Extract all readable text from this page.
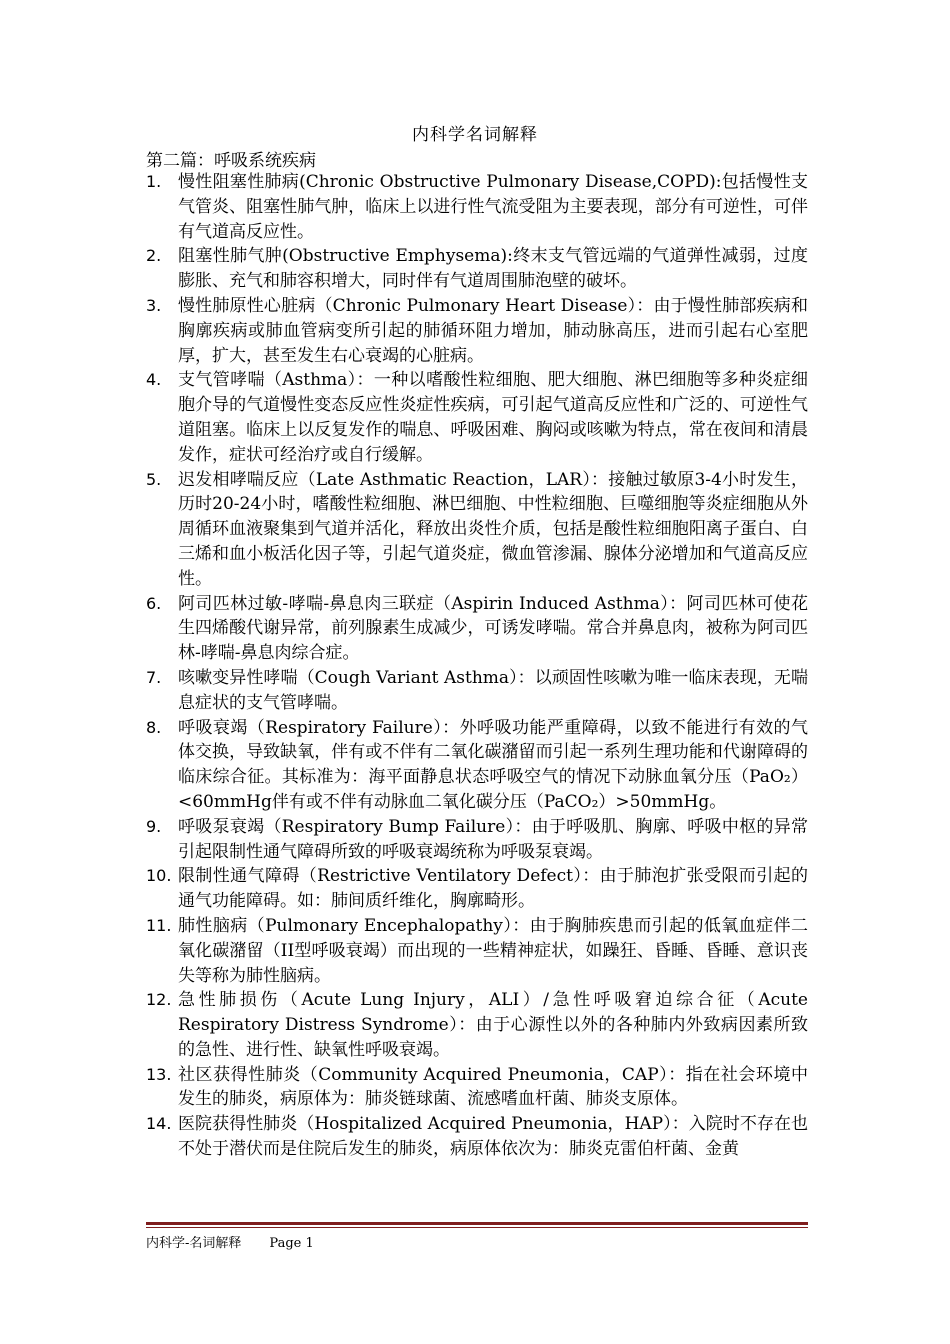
内科学名词解释
第二篇：呼吸系统疾病
1. 慢性阻塞性肺病(Chronic Obstructive Pulmonary Disease,COPD):包括慢性支气管炎、阻塞性肺气肿，临床上以进行性气流受阻为主要表现，部分有可逆性，可伴有气道高反应性。
2. 阻塞性肺气肿(Obstructive Emphysema):终末支气管远端的气道弹性减弱，过度膨胀、充气和肺容积增大，同时伴有气道周围肺泡壁的破坏。
3. 慢性肺原性心脏病（Chronic Pulmonary Heart Disease）：由于慢性肺部疾病和胸廓疾病或肺血管病变所引起的肺循环阻力增加，肺动脉高压，进而引起右心室肥厚，扩大，甚至发生右心衰竭的心脏病。
4. 支气管哮喘（Asthma）：一种以嗜酸性粒细胞、肥大细胞、淋巴细胞等多种炎症细胞介导的气道慢性变态反应性炎症性疾病，可引起气道高反应性和广泛的、可逆性气道阻塞。临床上以反复发作的喘息、呼吸困难、胸闷或咳嗽为特点，常在夜间和清晨发作，症状可经治疗或自行缓解。
5. 迟发相哮喘反应（Late Asthmatic Reaction，LAR）：接触过敏原3-4小时发生，历时20-24小时，嗜酸性粒细胞、淋巴细胞、中性粒细胞、巨噬细胞等炎症细胞从外周循环血液聚集到气道并活化，释放出炎性介质，包括是酸性粒细胞阳离子蛋白、白三烯和血小板活化因子等，引起气道炎症，微血管渗漏、腺体分泌增加和气道高反应性。
6. 阿司匹林过敏-哮喘-鼻息肉三联症（Aspirin Induced Asthma）：阿司匹林可使花生四烯酸代谢异常，前列腺素生成减少，可诱发哮喘。常合并鼻息肉，被称为阿司匹林-哮喘-鼻息肉综合症。
7. 咳嗽变异性哮喘（Cough Variant Asthma）：以顽固性咳嗽为唯一临床表现，无喘息症状的支气管哮喘。
8. 呼吸衰竭（Respiratory Failure）：外呼吸功能严重障碍，以致不能进行有效的气体交换，导致缺氧，伴有或不伴有二氧化碳潴留而引起一系列生理功能和代谢障碍的临床综合征。其标准为：海平面静息状态呼吸空气的情况下动脉血氧分压（PaO₂）<60mmHg伴有或不伴有动脉血二氧化碳分压（PaCO₂）>50mmHg。
9. 呼吸泵衰竭（Respiratory Bump Failure）：由于呼吸肌、胸廓、呼吸中枢的异常引起限制性通气障碍所致的呼吸衰竭统称为呼吸泵衰竭。
10. 限制性通气障碍（Restrictive Ventilatory Defect）：由于肺泡扩张受限而引起的通气功能障碍。如：肺间质纤维化，胸廓畸形。
11. 肺性脑病（Pulmonary Encephalopathy）：由于胸肺疾患而引起的低氧血症伴二氧化碳潴留（II型呼吸衰竭）而出现的一些精神症状，如躁狂、昏睡、昏睡、意识丧失等称为肺性脑病。
12. 急性肺损伤（Acute Lung Injury，ALI）/急性呼吸窘迫综合征（Acute Respiratory Distress Syndrome）：由于心源性以外的各种肺内外致病因素所致的急性、进行性、缺氧性呼吸衰竭。
13. 社区获得性肺炎（Community Acquired Pneumonia，CAP）：指在社会环境中发生的肺炎，病原体为：肺炎链球菌、流感嗜血杆菌、肺炎支原体。
14. 医院获得性肺炎（Hospitalized Acquired Pneumonia，HAP）：入院时不存在也不处于潜伏而是住院后发生的肺炎，病原体依次为：肺炎克雷伯杆菌、金黄
内科学-名词解释 Page 1
